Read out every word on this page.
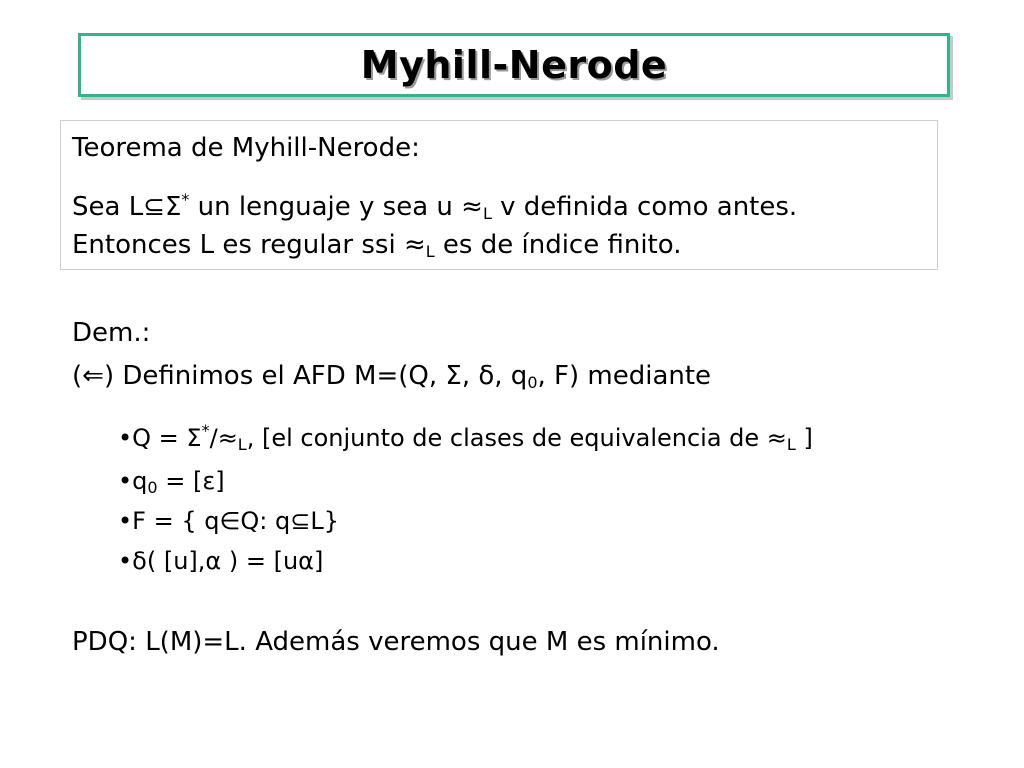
Myhill-Nerode
Teorema de Myhill-Nerode:
Sea L⊆Σ* un lenguaje y sea $u \approx_L$ v definida como antes.
Entonces L es regular ssi $\approx_L$ es de índice finito.
Dem.:
(⇐) Definimos el AFD M=(Q, Σ, δ, $q_0$, F) mediante
•Q = $\Sigma^*/\approx_L$, [el conjunto de clases de equivalencia de $\approx_L$ ]
$•q_0 = [\varepsilon]$
•F = { q∈Q: q⊆L}
•δ( [u],α ) = [uα]
PDQ: L(M)=L. Además veremos que M es mínimo.
